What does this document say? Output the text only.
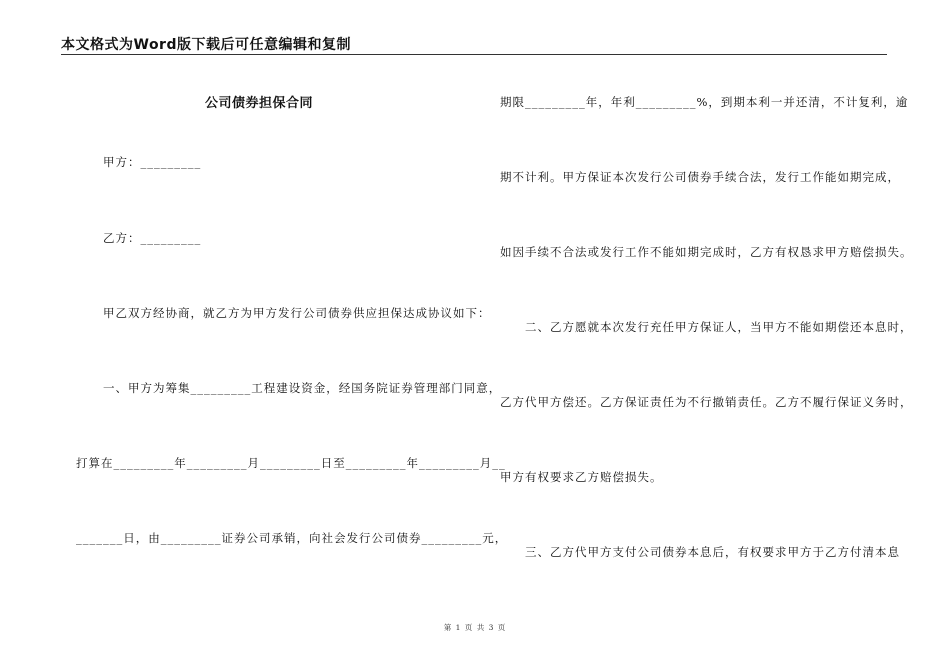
本文格式为Word版下载后可任意编辑和复制
公司债券担保合同
甲方：_________
乙方：_________
甲乙双方经协商，就乙方为甲方发行公司债券供应担保达成协议如下：
一、甲方为筹集_________工程建设资金，经国务院证券管理部门同意，
打算在_________年_________月_________日至_________年_________月__
_______日，由_________证券公司承销，向社会发行公司债券_________元，
期限_________年，年利_________%，到期本利一并还清，不计复利，逾
期不计利。甲方保证本次发行公司债券手续合法，发行工作能如期完成，
如因手续不合法或发行工作不能如期完成时，乙方有权恳求甲方赔偿损失。
二、乙方愿就本次发行充任甲方保证人，当甲方不能如期偿还本息时，
乙方代甲方偿还。乙方保证责任为不行撤销责任。乙方不履行保证义务时，
甲方有权要求乙方赔偿损失。
三、乙方代甲方支付公司债券本息后，有权要求甲方于乙方付清本息
第 1 页 共 3 页
